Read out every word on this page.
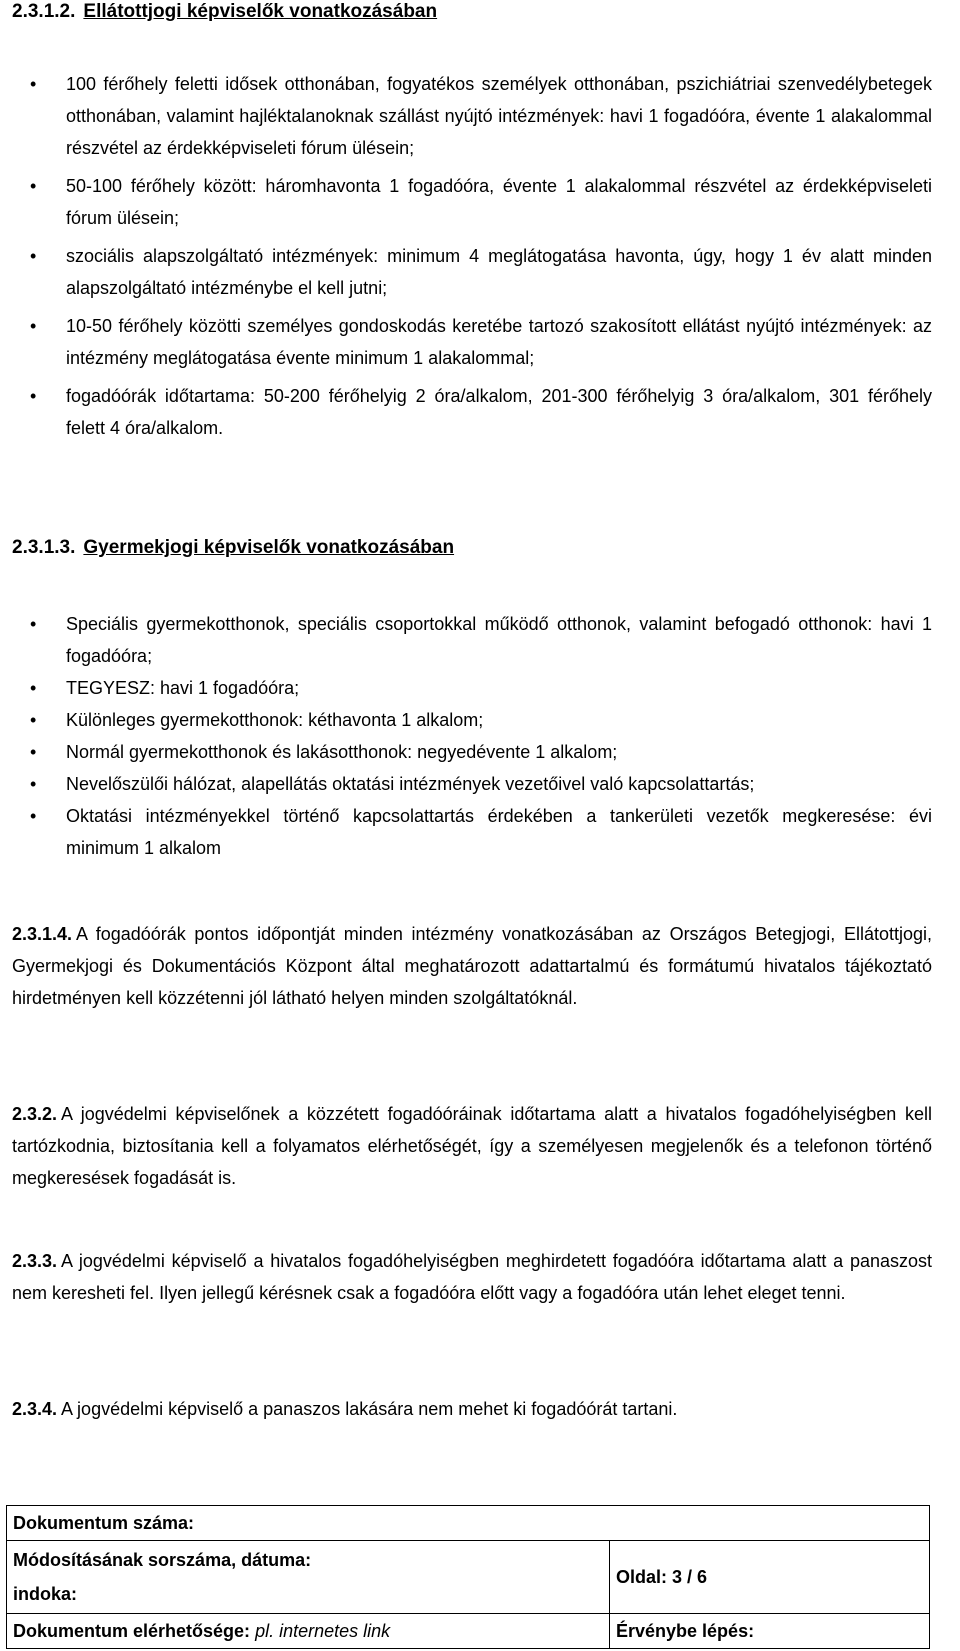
2.3.1.2. Ellátottjogi képviselők vonatkozásában
• 100 férőhely feletti idősek otthonában, fogyatékos személyek otthonában, pszichiátriai szenvedélybetegek otthonában, valamint hajléktalanoknak szállást nyújtó intézmények: havi 1 fogadóóra, évente 1 alakalommal részvétel az érdekképviseleti fórum ülésein;
• 50-100 férőhely között: háromhavonta 1 fogadóóra, évente 1 alakalommal részvétel az érdekképviseleti fórum ülésein;
• szociális alapszolgáltató intézmények: minimum 4 meglátogatása havonta, úgy, hogy 1 év alatt minden alapszolgáltató intézménybe el kell jutni;
• 10-50 férőhely közötti személyes gondoskodás keretébe tartozó szakosított ellátást nyújtó intézmények: az intézmény meglátogatása évente minimum 1 alakalommal;
• fogadóórák időtartama: 50-200 férőhelyig 2 óra/alkalom, 201-300 férőhelyig 3 óra/alkalom, 301 férőhely felett 4 óra/alkalom.
2.3.1.3. Gyermekjogi képviselők vonatkozásában
• Speciális gyermekotthonok, speciális csoportokkal működő otthonok, valamint befogadó otthonok: havi 1 fogadóóra;
• TEGYESZ: havi 1 fogadóóra;
• Különleges gyermekotthonok: kéthavonta 1 alkalom;
• Normál gyermekotthonok és lakásotthonok: negyedévente 1 alkalom;
• Nevelőszülői hálózat, alapellátás oktatási intézmények vezetőivel való kapcsolattartás;
• Oktatási intézményekkel történő kapcsolattartás érdekében a tankerületi vezetők megkeresése: évi minimum 1 alkalom
2.3.1.4. A fogadóórák pontos időpontját minden intézmény vonatkozásában az Országos Betegjogi, Ellátottjogi, Gyermekjogi és Dokumentációs Központ által meghatározott adattartalmú és formátumú hivatalos tájékoztató hirdetményen kell közzétenni jól látható helyen minden szolgáltatóknál.
2.3.2. A jogvédelmi képviselőnek a közzétett fogadóóráinak időtartama alatt a hivatalos fogadóhelyiségben kell tartózkodnia, biztosítania kell a folyamatos elérhetőségét, így a személyesen megjelenők és a telefonon történő megkeresések fogadását is.
2.3.3. A jogvédelmi képviselő a hivatalos fogadóhelyiségben meghirdetett fogadóóra időtartama alatt a panaszost nem keresheti fel. Ilyen jellegű kérésnek csak a fogadóóra előtt vagy a fogadóóra után lehet eleget tenni.
2.3.4. A jogvédelmi képviselő a panaszos lakására nem mehet ki fogadóórát tartani.
Dokumentum száma:	

Módosításának sorszáma, dátuma:
indoka:	Oldal: 3 / 6
Dokumentum elérhetősége: pl. internetes link	Érvénybe lépés:
